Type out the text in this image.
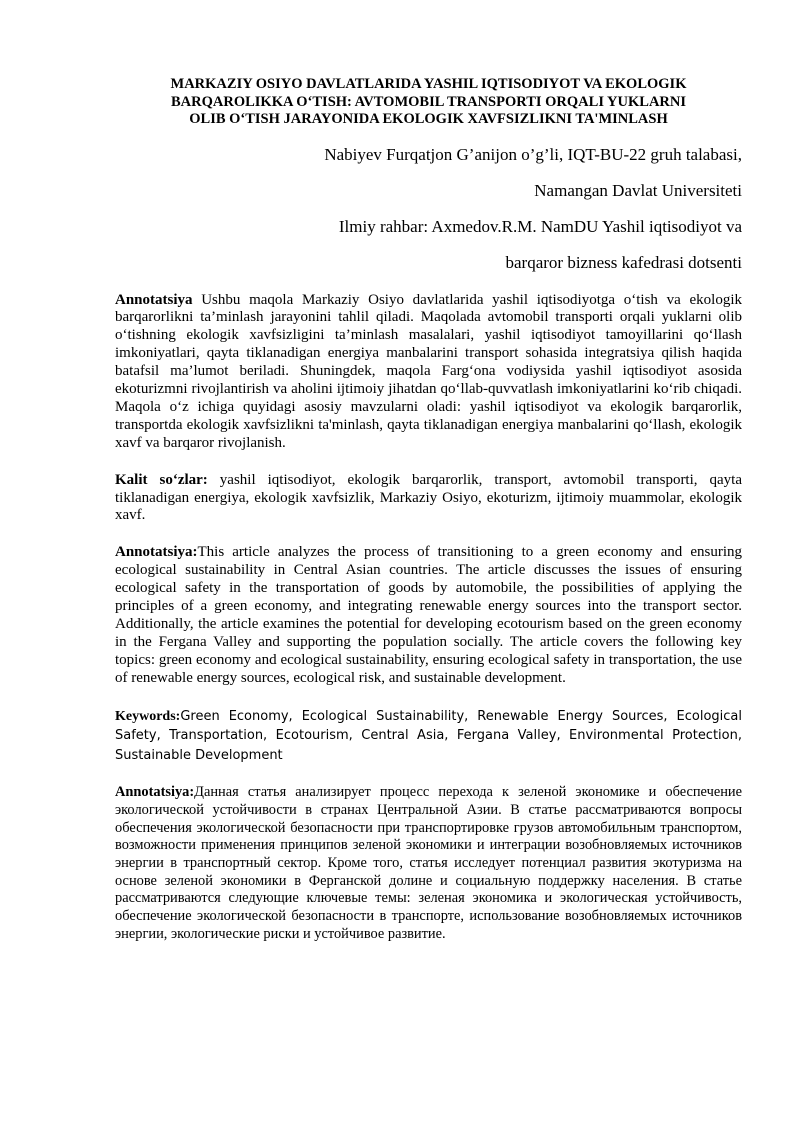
MARKAZIY OSIYO DAVLATLARIDA YASHIL IQTISODIYOT VA EKOLOGIK
BARQAROLIKKA O‘TISH: AVTOMOBIL TRANSPORTI ORQALI YUKLARNI
OLIB O‘TISH JARAYONIDA EKOLOGIK XAVFSIZLIKNI TA'MINLASH

Nabiyev Furqatjon G’anijon o’g’li, IQT-BU-22 gruh talabasi,

Namangan Davlat Universiteti

Ilmiy rahbar: Axmedov.R.M. NamDU Yashil iqtisodiyot va

barqaror bizness kafedrasi dotsenti

Annotatsiya Ushbu maqola Markaziy Osiyo davlatlarida yashil iqtisodiyotga o‘tish va ekologik barqarorlikni ta’minlash jarayonini tahlil qiladi. Maqolada avtomobil transporti orqali yuklarni olib o‘tishning ekologik xavfsizligini ta’minlash masalalari, yashil iqtisodiyot tamoyillarini qo‘llash imkoniyatlari, qayta tiklanadigan energiya manbalarini transport sohasida integratsiya qilish haqida batafsil ma’lumot beriladi. Shuningdek, maqola Farg‘ona vodiysida yashil iqtisodiyot asosida ekoturizmni rivojlantirish va aholini ijtimoiy jihatdan qo‘llab-quvvatlash imkoniyatlarini ko‘rib chiqadi. Maqola o‘z ichiga quyidagi asosiy mavzularni oladi: yashil iqtisodiyot va ekologik barqarorlik, transportda ekologik xavfsizlikni ta'minlash, qayta tiklanadigan energiya manbalarini qo‘llash, ekologik xavf va barqaror rivojlanish.

Kalit so‘zlar: yashil iqtisodiyot, ekologik barqarorlik, transport, avtomobil transporti, qayta tiklanadigan energiya, ekologik xavfsizlik, Markaziy Osiyo, ekoturizm, ijtimoiy muammolar, ekologik xavf.

Annotatsiya:This article analyzes the process of transitioning to a green economy and ensuring ecological sustainability in Central Asian countries. The article discusses the issues of ensuring ecological safety in the transportation of goods by automobile, the possibilities of applying the principles of a green economy, and integrating renewable energy sources into the transport sector. Additionally, the article examines the potential for developing ecotourism based on the green economy in the Fergana Valley and supporting the population socially. The article covers the following key topics: green economy and ecological sustainability, ensuring ecological safety in transportation, the use of renewable energy sources, ecological risk, and sustainable development.

Keywords:Green Economy, Ecological Sustainability, Renewable Energy Sources, Ecological Safety, Transportation, Ecotourism, Central Asia, Fergana Valley, Environmental Protection, Sustainable Development

Annotatsiya:Данная статья анализирует процесс перехода к зеленой экономике и обеспечение экологической устойчивости в странах Центральной Азии. В статье рассматриваются вопросы обеспечения экологической безопасности при транспортировке грузов автомобильным транспортом, возможности применения принципов зеленой экономики и интеграции возобновляемых источников энергии в транспортный сектор. Кроме того, статья исследует потенциал развития экотуризма на основе зеленой экономики в Ферганской долине и социальную поддержку населения. В статье рассматриваются следующие ключевые темы: зеленая экономика и экологическая устойчивость, обеспечение экологической безопасности в транспорте, использование возобновляемых источников энергии, экологические риски и устойчивое развитие.
